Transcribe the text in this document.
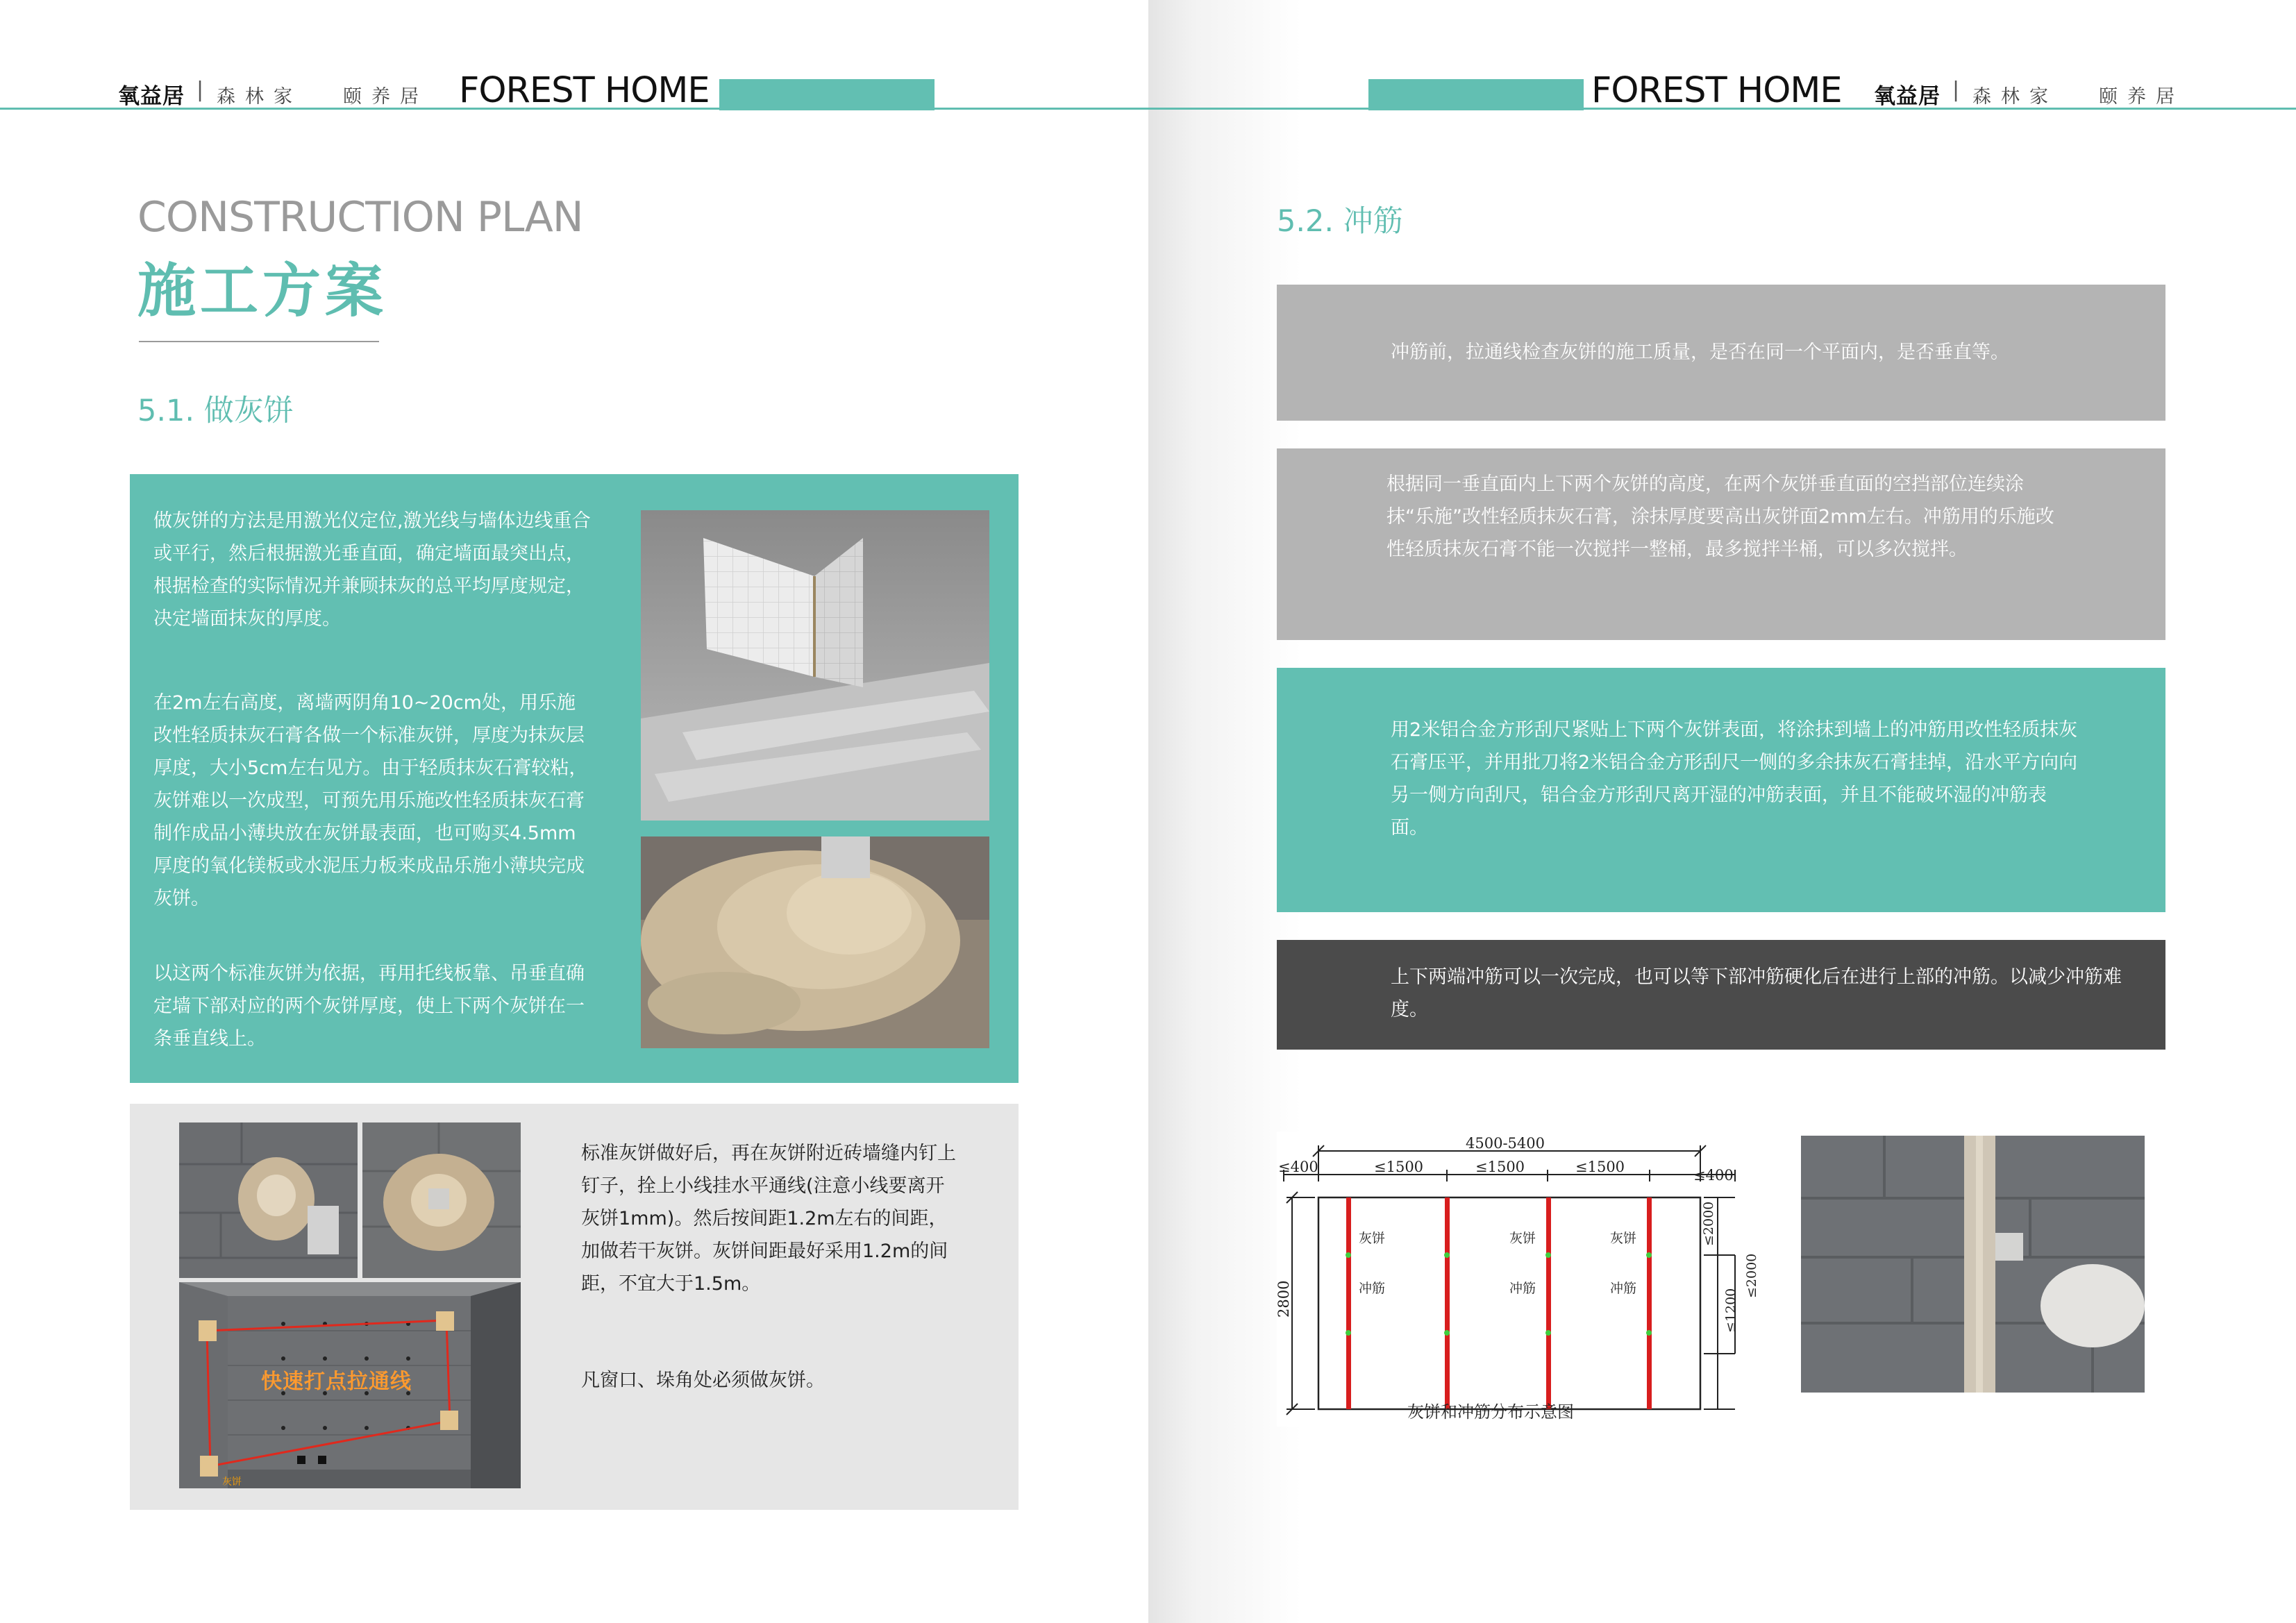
氧益居 | 森林家 颐养居 FOREST HOME
CONSTRUCTION PLAN
施工方案
5.1. 做灰饼
做灰饼的方法是用激光仪定位,激光线与墙体边线重合或平行，然后根据激光垂直面，确定墙面最突出点，根据检查的实际情况并兼顾抹灰的总平均厚度规定，决定墙面抹灰的厚度。
在2m左右高度，离墙两阴角10~20cm处，用乐施改性轻质抹灰石膏各做一个标准灰饼，厚度为抹灰层厚度，大小5cm左右见方。由于轻质抹灰石膏较粘，灰饼难以一次成型，可预先用乐施改性轻质抹灰石膏制作成品小薄块放在灰饼最表面，也可购买4.5mm厚度的氧化镁板或水泥压力板来成品乐施小薄块完成灰饼。
以这两个标准灰饼为依据，再用托线板靠、吊垂直确定墙下部对应的两个灰饼厚度，使上下两个灰饼在一条垂直线上。
快速打点拉通线
灰饼
标准灰饼做好后，再在灰饼附近砖墙缝内钉上钉子，拴上小线挂水平通线(注意小线要离开灰饼1mm)。然后按间距1.2m左右的间距，加做若干灰饼。灰饼间距最好采用1.2m的间距，不宜大于1.5m。
凡窗口、垛角处必须做灰饼。
FOREST HOME 氧益居 | 森林家 颐养居
5.2. 冲筋
冲筋前，拉通线检查灰饼的施工质量，是否在同一个平面内，是否垂直等。
根据同一垂直面内上下两个灰饼的高度，在两个灰饼垂直面的空挡部位连续涂抹“乐施”改性轻质抹灰石膏，涂抹厚度要高出灰饼面2mm左右。冲筋用的乐施改性轻质抹灰石膏不能一次搅拌一整桶，最多搅拌半桶，可以多次搅拌。
用2米铝合金方形刮尺紧贴上下两个灰饼表面，将涂抹到墙上的冲筋用改性轻质抹灰石膏压平，并用批刀将2米铝合金方形刮尺一侧的多余抹灰石膏挂掉，沿水平方向向另一侧方向刮尺，铝合金方形刮尺离开湿的冲筋表面，并且不能破坏湿的冲筋表面。
上下两端冲筋可以一次完成，也可以等下部冲筋硬化后在进行上部的冲筋。以减少冲筋难度。
4500-5400
≤400	≤1500	≤1500	≤1500	≤400
灰饼
冲筋
灰饼
冲筋
灰饼
冲筋
2800
≤2000
≤1200
≤2000
灰饼和冲筋分布示意图
